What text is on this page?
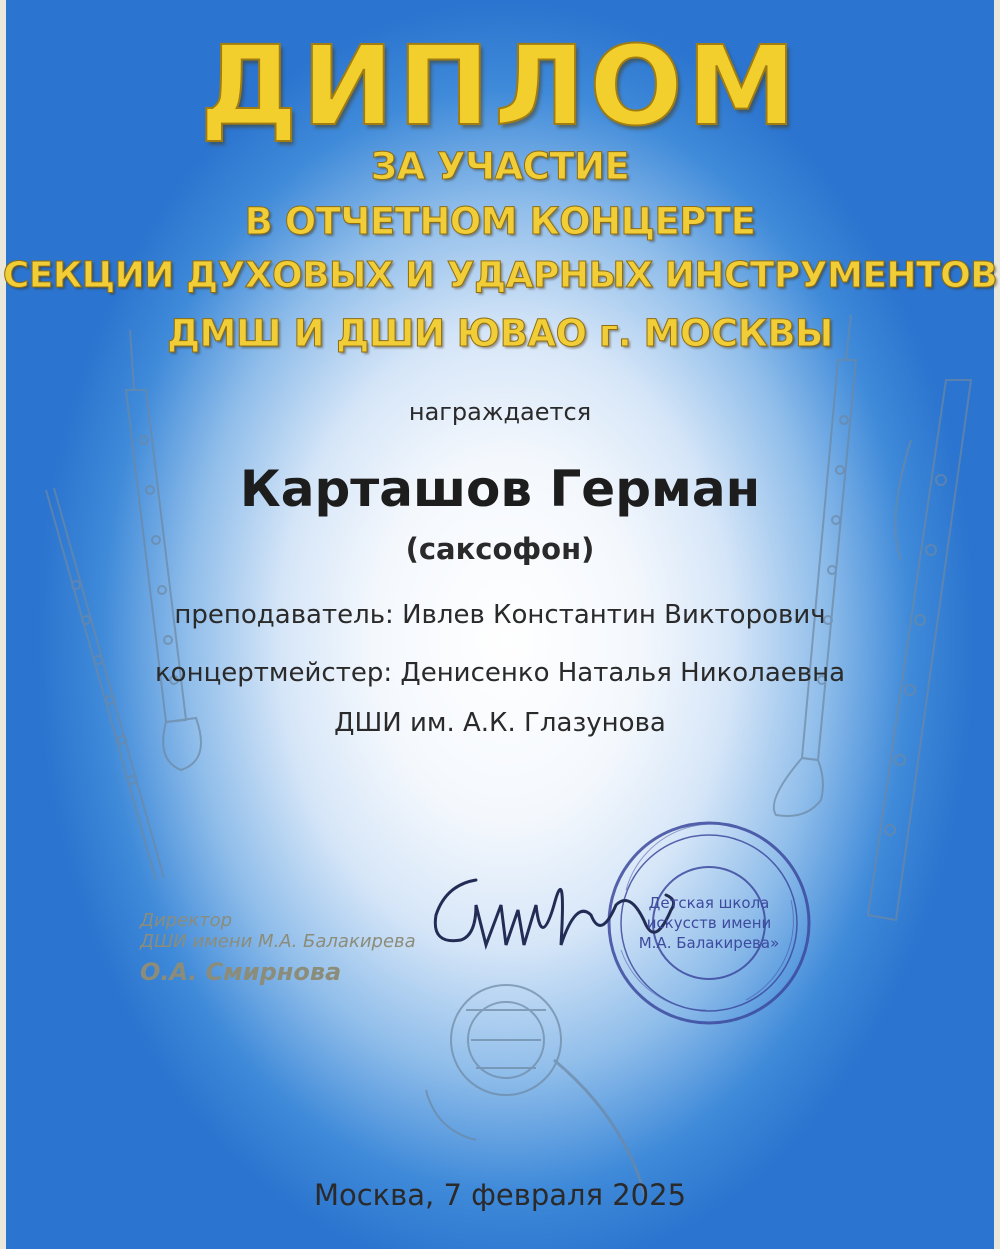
ДИПЛОМ

ЗА УЧАСТИЕ

В ОТЧЕТНОМ КОНЦЕРТЕ

СЕКЦИИ ДУХОВЫХ И УДАРНЫХ ИНСТРУМЕНТОВ

ДМШ И ДШИ ЮВАО г. МОСКВЫ

награждается

Карташов Герман

(саксофон)

преподаватель: Ивлев Константин Викторович

концертмейстер: Денисенко Наталья Николаевна

ДШИ им. А.К. Глазунова

Директор

ДШИ имени М.А. Балакирева

О.А. Смирнова

Детская школа
искусств имени
М.А. Балакирева»

Москва, 7 февраля 2025
